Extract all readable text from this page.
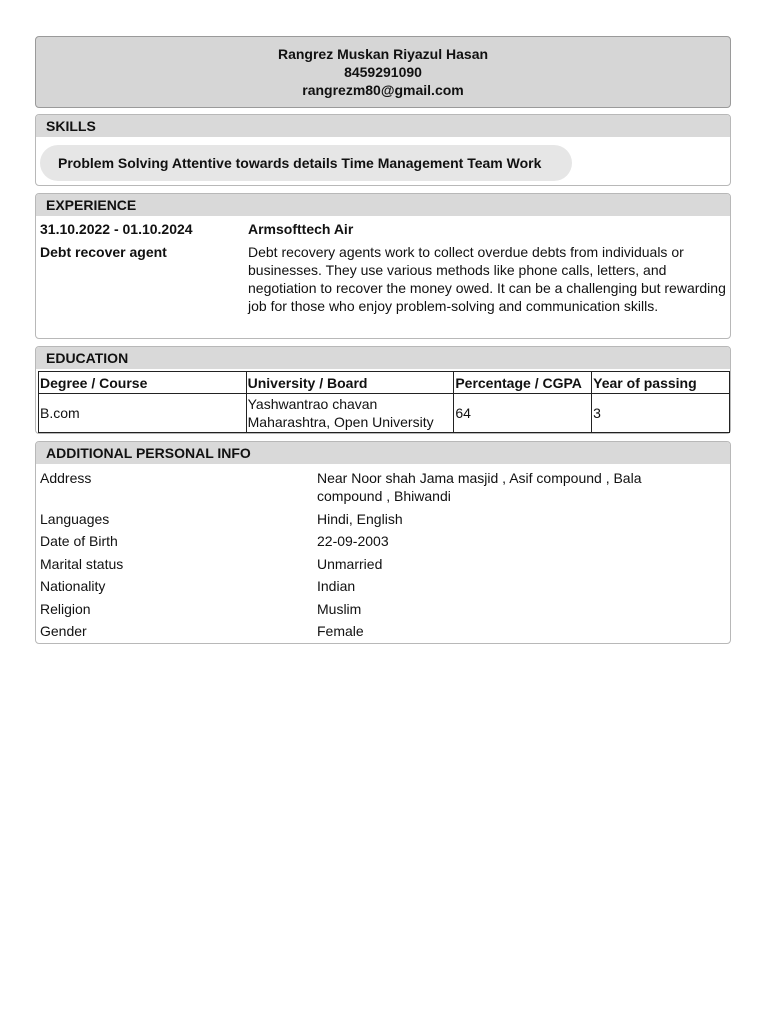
Rangrez Muskan Riyazul Hasan
8459291090
rangrezm80@gmail.com
SKILLS
Problem Solving Attentive towards details Time Management Team Work
EXPERIENCE
31.10.2022 - 01.10.2024	Armsofttech Air
Debt recover agent	Debt recovery agents work to collect overdue debts from individuals or businesses. They use various methods like phone calls, letters, and negotiation to recover the money owed. It can be a challenging but rewarding job for those who enjoy problem-solving and communication skills.
EDUCATION
Degree / Course	University / Board	Percentage / CGPA	Year of passing
B.com	Yashwantrao chavan Maharashtra, Open University	64	3
ADDITIONAL PERSONAL INFO
Address	Near Noor shah Jama masjid , Asif compound , Bala compound , Bhiwandi
Languages	Hindi, English
Date of Birth	22-09-2003
Marital status	Unmarried
Nationality	Indian
Religion	Muslim
Gender	Female
